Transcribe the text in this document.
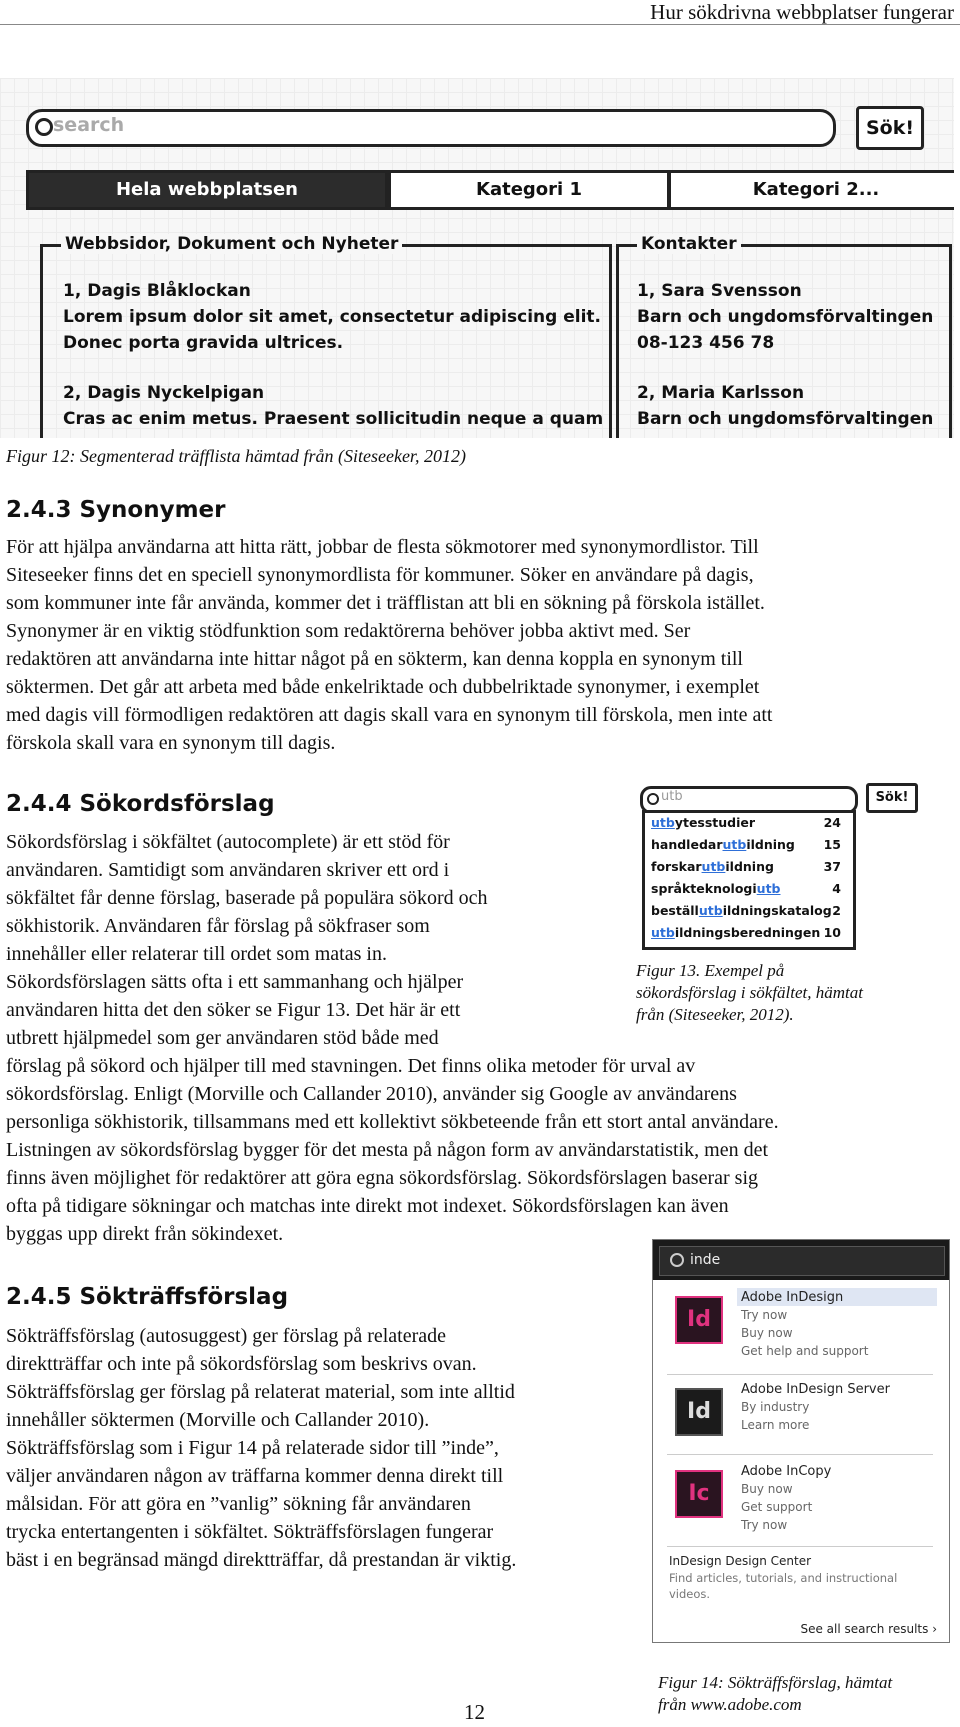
Hur sökdrivna webbplatser fungerar
search	Sök!
Hela webbplatsen	Kategori 1	Kategori 2...
Webbsidor, Dokument och Nyheter
1, Dagis Blåklockan
Lorem ipsum dolor sit amet, consectetur adipiscing elit.
Donec porta gravida ultrices.
2, Dagis Nyckelpigan
Cras ac enim metus. Praesent sollicitudin neque a quam
Kontakter
1, Sara Svensson
Barn och ungdomsförvaltingen
08-123 456 78
2, Maria Karlsson
Barn och ungdomsförvaltingen
Figur 12: Segmenterad träfflista hämtad från (Siteseeker, 2012)
2.4.3 Synonymer

För att hjälpa användarna att hitta rätt, jobbar de flesta sökmotorer med synonymordlistor. Till

Siteseeker finns det en speciell synonymordlista för kommuner. Söker en användare på dagis,

som kommuner inte får använda, kommer det i träfflistan att bli en sökning på förskola istället.

Synonymer är en viktig stödfunktion som redaktörerna behöver jobba aktivt med. Ser

redaktören att användarna inte hittar något på en sökterm, kan denna koppla en synonym till

söktermen. Det går att arbeta med både enkelriktade och dubbelriktade synonymer, i exemplet

med dagis vill förmodligen redaktören att dagis skall vara en synonym till förskola, men inte att

förskola skall vara en synonym till dagis.

2.4.4 Sökordsförslag

Sökordsförslag i sökfältet (autocomplete) är ett stöd för

användaren. Samtidigt som användaren skriver ett ord i

sökfältet får denne förslag, baserade på populära sökord och

sökhistorik. Användaren får förslag på sökfraser som

innehåller eller relaterar till ordet som matas in.

Sökordsförslagen sätts ofta i ett sammanhang och hjälper

användaren hitta det den söker se Figur 13. Det här är ett

utbrett hjälpmedel som ger användaren stöd både med

förslag på sökord och hjälper till med stavningen. Det finns olika metoder för urval av

sökordsförslag. Enligt (Morville och Callander 2010), använder sig Google av användarens

personliga sökhistorik, tillsammans med ett kollektivt sökbeteende från ett stort antal användare.

Listningen av sökordsförslag bygger för det mesta på någon form av användarstatistik, men det

finns även möjlighet för redaktörer att göra egna sökordsförslag. Sökordsförslagen baserar sig

ofta på tidigare sökningar och matchas inte direkt mot indexet. Sökordsförslagen kan även

byggas upp direkt från sökindexet.

utb	Sök!
utb ytesstudier	24
handledar utb ildning 15
forskar utb ildning	37
språkteknologi utb	4
beställ utb ildningskatalog 2
utb ildningsberedningen 10
Figur 13. Exempel på
sökordsförslag i sökfältet, hämtat
från (Siteseeker, 2012).
2.4.5 Sökträffsförslag

Sökträffsförslag (autosuggest) ger förslag på relaterade

direktträffar och inte på sökordsförslag som beskrivs ovan.

Sökträffsförslag ger förslag på relaterat material, som inte alltid

innehåller söktermen (Morville och Callander 2010).

Sökträffsförslag som i Figur 14 på relaterade sidor till ”inde”,

väljer användaren någon av träffarna kommer denna direkt till

målsidan. För att göra en ”vanlig” sökning får användaren

trycka entertangenten i sökfältet. Sökträffsförslagen fungerar

bäst i en begränsad mängd direktträffar, då prestandan är viktig.

inde
Id
Adobe InDesign
Try now
Buy now
Get help and support
Id
Adobe InDesign Server
By industry
Learn more
Ic
Adobe InCopy
Buy now
Get support
Try now
InDesign Design Center
Find articles, tutorials, and instructional videos.
See all search results ›
Figur 14: Sökträffsförslag, hämtat
från www.adobe.com
12
